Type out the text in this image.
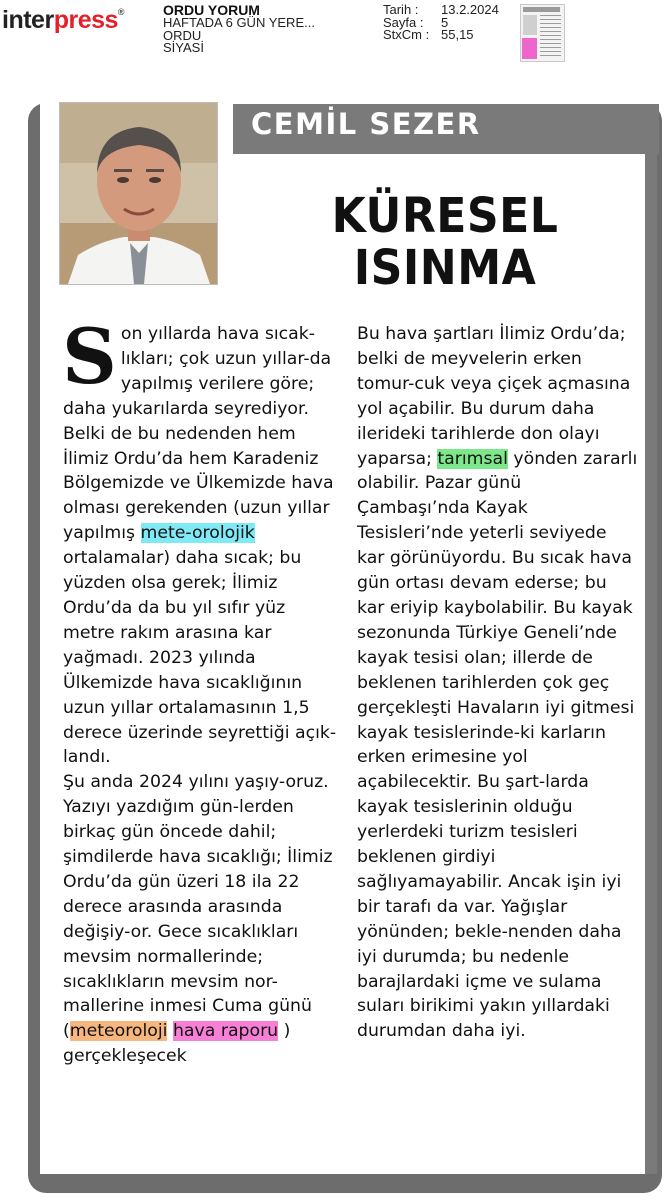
interpress®	ORDU YORUM
HAFTADA 6 GÜN YERE...
ORDU
SİYASİ
Tarih :	13.2.2024
Sayfa :	5
StxCm : 55,15
CEMİL SEZER
KÜRESEL
ISINMA

Son yıllarda hava sıcak-lıkları; çok uzun yıllar-da yapılmış verilere göre; daha yukarılarda seyrediyor. Belki de bu nedenden hem İlimiz Ordu’da hem Karadeniz Bölgemizde ve Ülkemizde hava olması gerekenden (uzun yıllar yapılmış mete-orolojik ortalamalar) daha sıcak; bu yüzden olsa gerek; İlimiz Ordu’da da bu yıl sıfır yüz metre rakım arasına kar yağmadı. 2023 yılında Ülkemizde hava sıcaklığının uzun yıllar ortalamasının 1,5 derece üzerinde seyrettiği açık-landı.

Şu anda 2024 yılını yaşıy-oruz. Yazıyı yazdığım gün-lerden birkaç gün öncede dahil; şimdilerde hava sıcaklığı; İlimiz Ordu’da gün üzeri 18 ila 22 derece arasında arasında değişiy-or. Gece sıcaklıkları mevsim normallerinde; sıcaklıkların mevsim nor-mallerine inmesi Cuma günü (meteoroloji hava raporu ) gerçekleşecek

Bu hava şartları İlimiz Ordu’da; belki de meyvelerin erken tomur-cuk veya çiçek açmasına yol açabilir. Bu durum daha ilerideki tarihlerde don olayı yaparsa; tarımsal yönden zararlı olabilir. Pazar günü Çambaşı’nda Kayak Tesisleri’nde yeterli seviyede kar görünüyordu. Bu sıcak hava gün ortası devam ederse; bu kar eriyip kaybolabilir. Bu kayak sezonunda Türkiye Geneli’nde kayak tesisi olan; illerde de beklenen tarihlerden çok geç gerçekleşti Havaların iyi gitmesi kayak tesislerinde-ki karların erken erimesine yol açabilecektir. Bu şart-larda kayak tesislerinin olduğu yerlerdeki turizm tesisleri beklenen girdiyi sağlıyamayabilir. Ancak işin iyi bir tarafı da var. Yağışlar yönünden; bekle-nenden daha iyi durumda; bu nedenle barajlardaki içme ve sulama suları birikimi yakın yıllardaki durumdan daha iyi.
